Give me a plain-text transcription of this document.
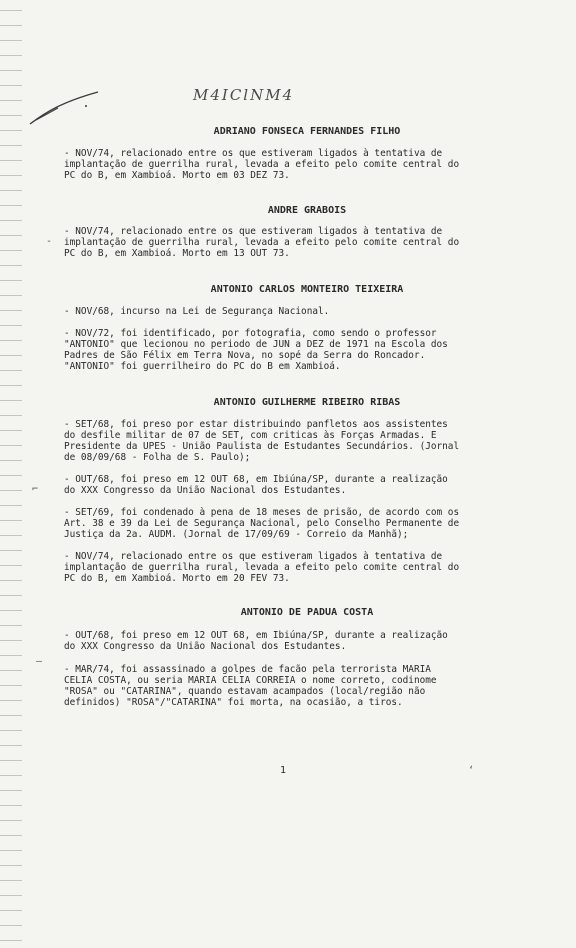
M4IClNM4
ADRIANO FONSECA FERNANDES FILHO
- NOV/74, relacionado entre os que estiveram ligados à tentativa de
implantação de guerrilha rural, levada a efeito pelo comite central do
PC do B, em Xambioá. Morto em 03 DEZ 73.
ANDRE GRABOIS
- NOV/74, relacionado entre os que estiveram ligados à tentativa de
implantação de guerrilha rural, levada a efeito pelo comite central do
PC do B, em Xambioá. Morto em 13 OUT 73.
ANTONIO CARLOS MONTEIRO TEIXEIRA
- NOV/68, incurso na Lei de Segurança Nacional.
- NOV/72, foi identificado, por fotografia, como sendo o professor
"ANTONIO" que lecionou no periodo de JUN a DEZ de 1971 na Escola dos
Padres de São Félix em Terra Nova, no sopé da Serra do Roncador.
"ANTONIO" foi guerrilheiro do PC do B em Xambioá.
ANTONIO GUILHERME RIBEIRO RIBAS
- SET/68, foi preso por estar distribuindo panfletos aos assistentes
do desfile militar de 07 de SET, com criticas às Forças Armadas. E
Presidente da UPES - União Paulista de Estudantes Secundários. (Jornal
de 08/09/68 - Folha de S. Paulo);
- OUT/68, foi preso em 12 OUT 68, em Ibiúna/SP, durante a realização
do XXX Congresso da União Nacional dos Estudantes.
- SET/69, foi condenado à pena de 18 meses de prisão, de acordo com os
Art. 38 e 39 da Lei de Segurança Nacional, pelo Conselho Permanente de
Justiça da 2a. AUDM. (Jornal de 17/09/69 - Correio da Manhã);
- NOV/74, relacionado entre os que estiveram ligados à tentativa de
implantação de guerrilha rural, levada a efeito pelo comite central do
PC do B, em Xambioá. Morto em 20 FEV 73.
ANTONIO DE PADUA COSTA
- OUT/68, foi preso em 12 OUT 68, em Ibiúna/SP, durante a realização
do XXX Congresso da União Nacional dos Estudantes.
- MAR/74, foi assassinado a golpes de facão pela terrorista MARIA
CELIA COSTA, ou seria MARIA CELIA CORREIA o nome correto, codinome
"ROSA" ou "CATARINA", quando estavam acampados (local/região não
definidos) "ROSA"/"CATARINA" foi morta, na ocasião, a tiros.
1
⌐
—
-
ʻ
